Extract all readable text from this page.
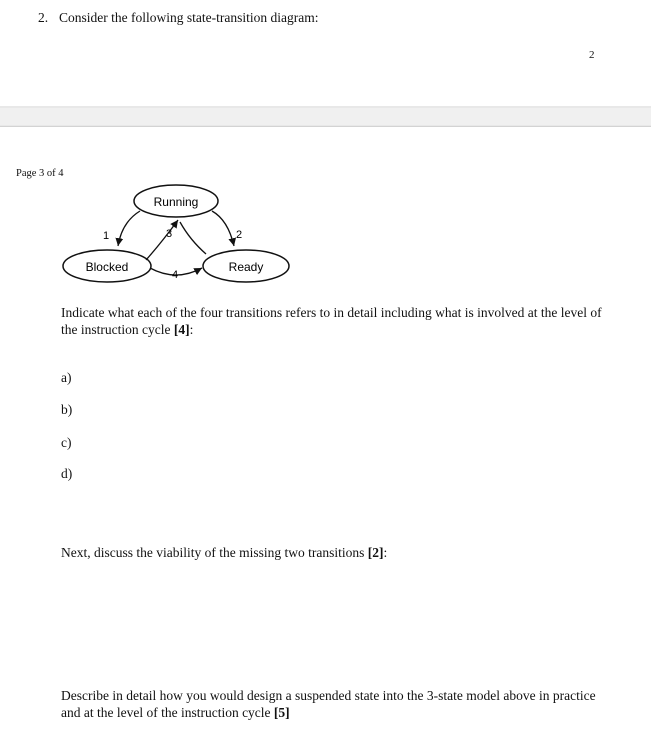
2. Consider the following state-transition diagram:
2
Page 3 of 4
Running
Blocked	Ready
1	2
3
4
Indicate what each of the four transitions refers to in detail including what is involved at the level of the instruction cycle [4]:
a)
b)
c)
d)
Next, discuss the viability of the missing two transitions [2]:
Describe in detail how you would design a suspended state into the 3-state model above in practice and at the level of the instruction cycle [5]
